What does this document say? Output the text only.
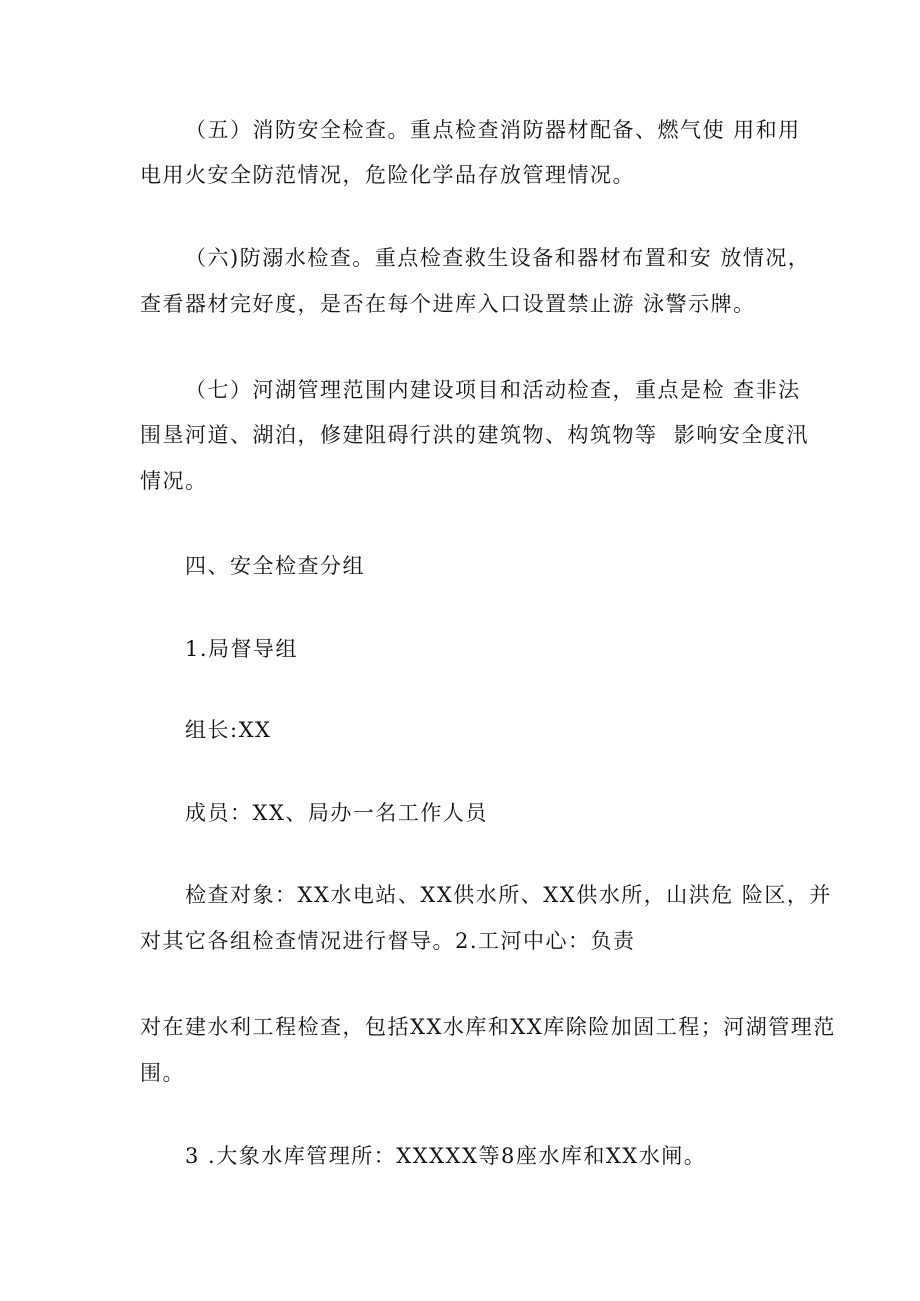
（五）消防安全检查。重点检查消防器材配备、燃气使 用和用
电用火安全防范情况，危险化学品存放管理情况。
（六)防溺水检查。重点检查救生设备和器材布置和安 放情况，
查看器材完好度，是否在每个进库入口设置禁止游 泳警示牌。
（七）河湖管理范围内建设项目和活动检查，重点是检 查非法
围垦河道、湖泊，修建阻碍行洪的建筑物、构筑物等  影响安全度汛
情况。
四、安全检查分组
1.局督导组
组长:XX
成员：XX、局办一名工作人员
检查对象：XX水电站、XX供水所、XX供水所，山洪危 险区，并
对其它各组检查情况进行督导。2.工河中心：负责
对在建水利工程检查，包括XX水库和XX库除险加固工程；河湖管理范
围。
3 .大象水库管理所：XXXXX等8座水库和XX水闸。
